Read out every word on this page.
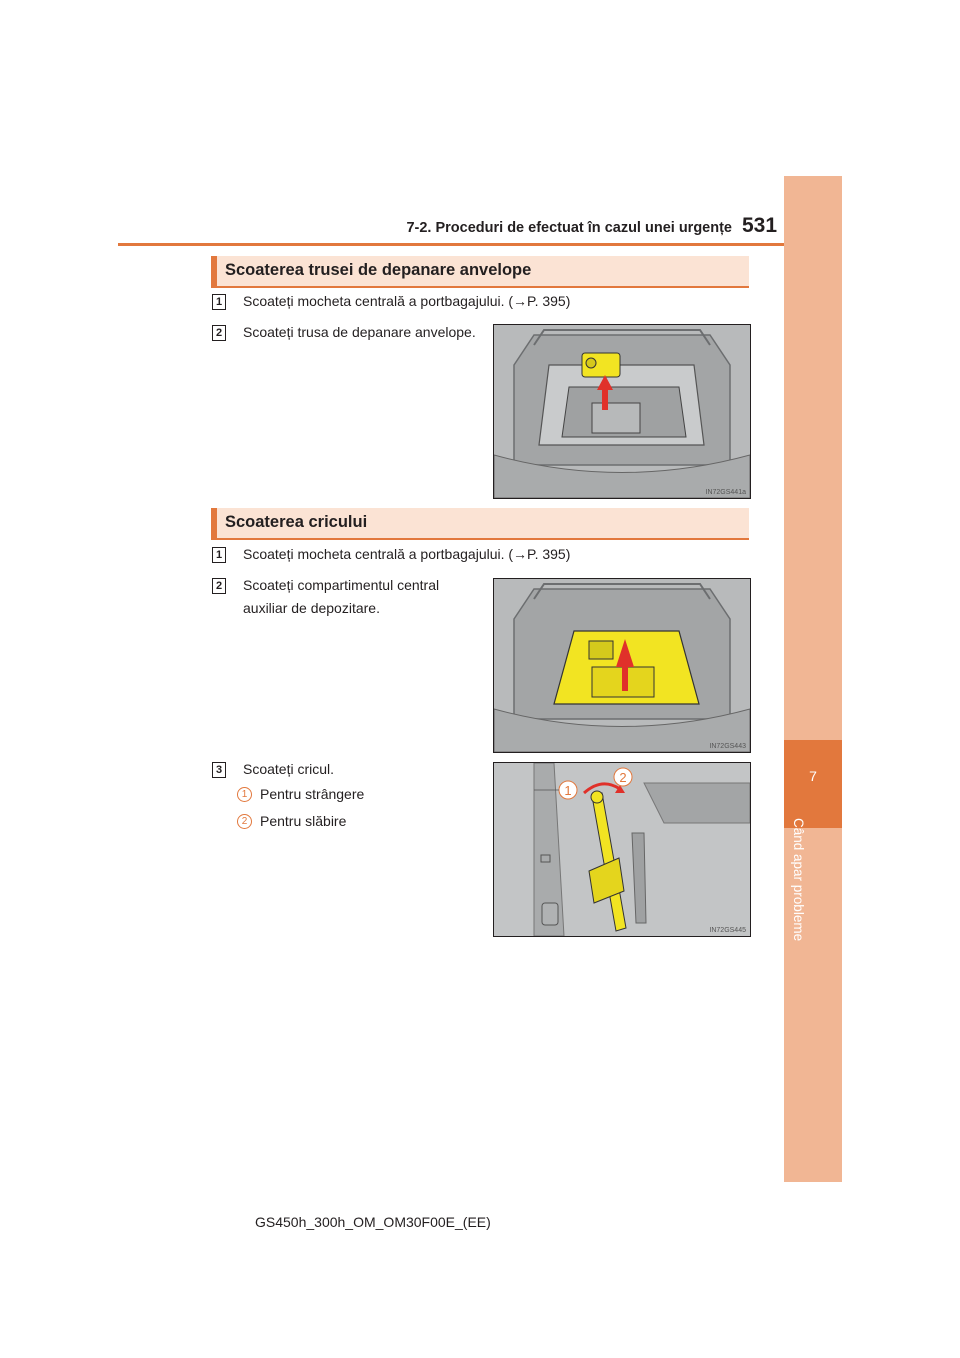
7-2. Proceduri de efectuat în cazul unei urgențe 531
7
Când apar probleme
Scoaterea trusei de depanare anvelope
1 Scoateți mocheta centrală a portbagajului. (→P. 395)
2 Scoateți trusa de depanare anvelope.
IN72GS441a
Scoaterea cricului
1 Scoateți mocheta centrală a portbagajului. (→P. 395)
2 Scoateți compartimentul central
auxiliar de depozitare.
IN72GS443
3 Scoateți cricul.
1 Pentru strângere
2 Pentru slăbire
1
2
IN72GS445
GS450h_300h_OM_OM30F00E_(EE)
